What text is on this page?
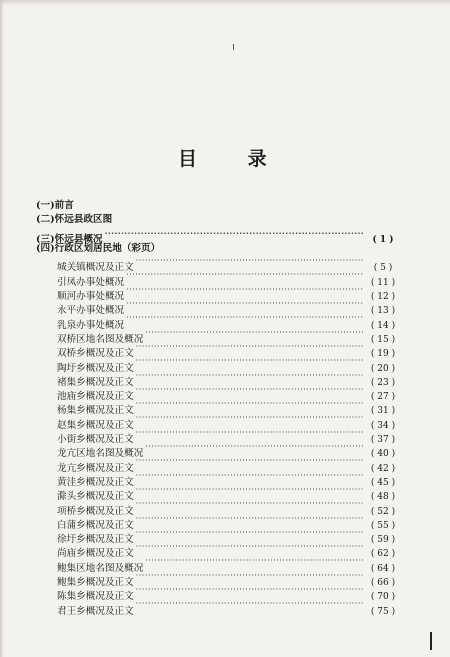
目 录
(一)前言
(二)怀远县政区图
(三)怀远县概况 ·····	( 1 )
(四)行政区划居民地（彩页）
城关镇概况及正文 ·····	( 5 )
引凤办事处概况 ·····	( 11 )
顺河办事处概况 ·····	( 12 )
永平办事处概况 ·····	( 13 )
乳泉办事处概况 ·····	( 14 )
双桥区地名图及概况 ·····	( 15 )
双桥乡概况及正文 ·····	( 19 )
陶圩乡概况及正文 ·····	( 20 )
褚集乡概况及正文 ·····	( 23 )
池庙乡概况及正文 ·····	( 27 )
杨集乡概况及正文 ·····	( 31 )
赵集乡概况及正文 ·····	( 34 )
小街乡概况及正文 ·····	( 37 )
龙亢区地名图及概况 ·····	( 40 )
龙亢乡概况及正文 ·····	( 42 )
黄洼乡概况及正文 ·····	( 45 )
滁头乡概况及正文 ·····	( 48 )
项桥乡概况及正文 ·····	( 52 )
白蒲乡概况及正文 ·····	( 55 )
徐圩乡概况及正文 ·····	( 59 )
尚庙乡概况及正文 ·····	( 62 )
鲍集区地名图及概况 ·····	( 64 )
鲍集乡概况及正文 ·····	( 66 )
陈集乡概况及正文 ·····	( 70 )
君王乡概况及正文 ·····	( 75 )
